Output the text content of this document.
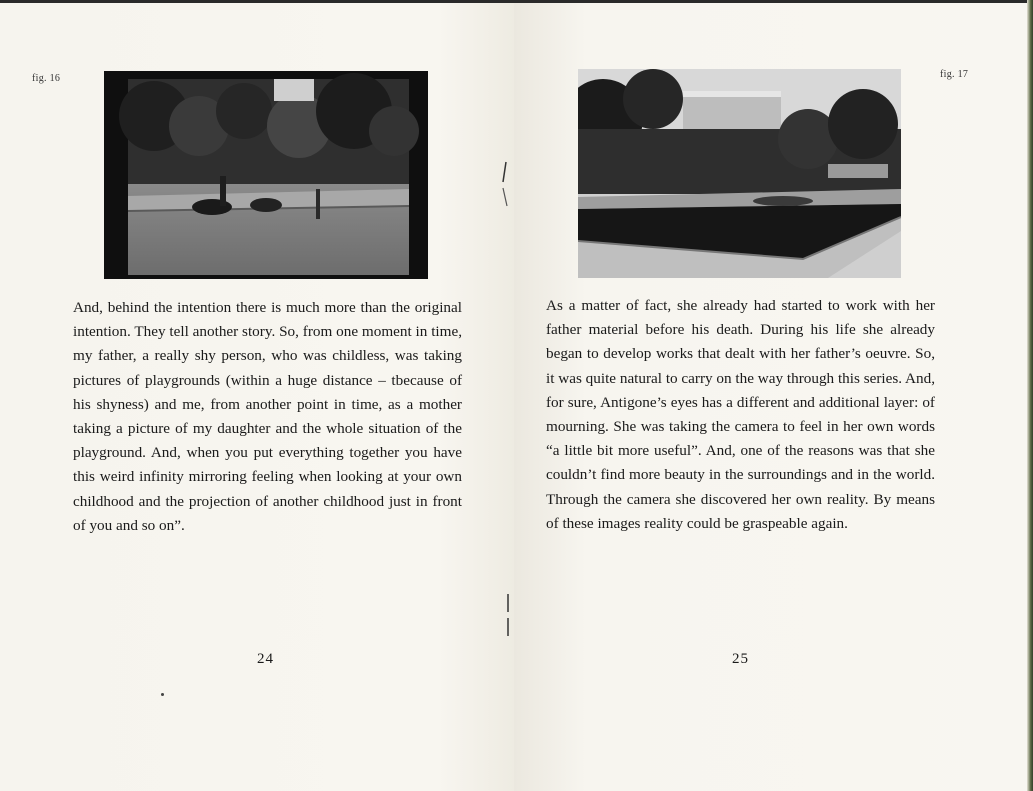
fig. 16

And, behind the intention there is much more than the original intention. They tell another story. So, from one moment in time, my father, a really shy person, who was childless, was taking pictures of playgrounds (within a huge distance – tbecause of his shyness) and me, from another point in time, as a mother taking a picture of my daughter and the whole situation of the playground. And, when you put everything together you have this weird infinity mirroring feeling when looking at your own childhood and the projection of another childhood just in front of you and so on”.

24
fig. 17

As a matter of fact, she already had started to work with her father material before his death. During his life she already began to develop works that dealt with her father’s oeuvre. So, it was quite natural to carry on the way through this series. And, for sure, Antigone’s eyes has a different and additional layer: of mourning. She was taking the camera to feel in her own words “a little bit more useful”. And, one of the reasons was that she couldn’t find more beauty in the surroundings and in the world. Through the camera she discovered her own reality. By means of these images reality could be graspeable again.

25
